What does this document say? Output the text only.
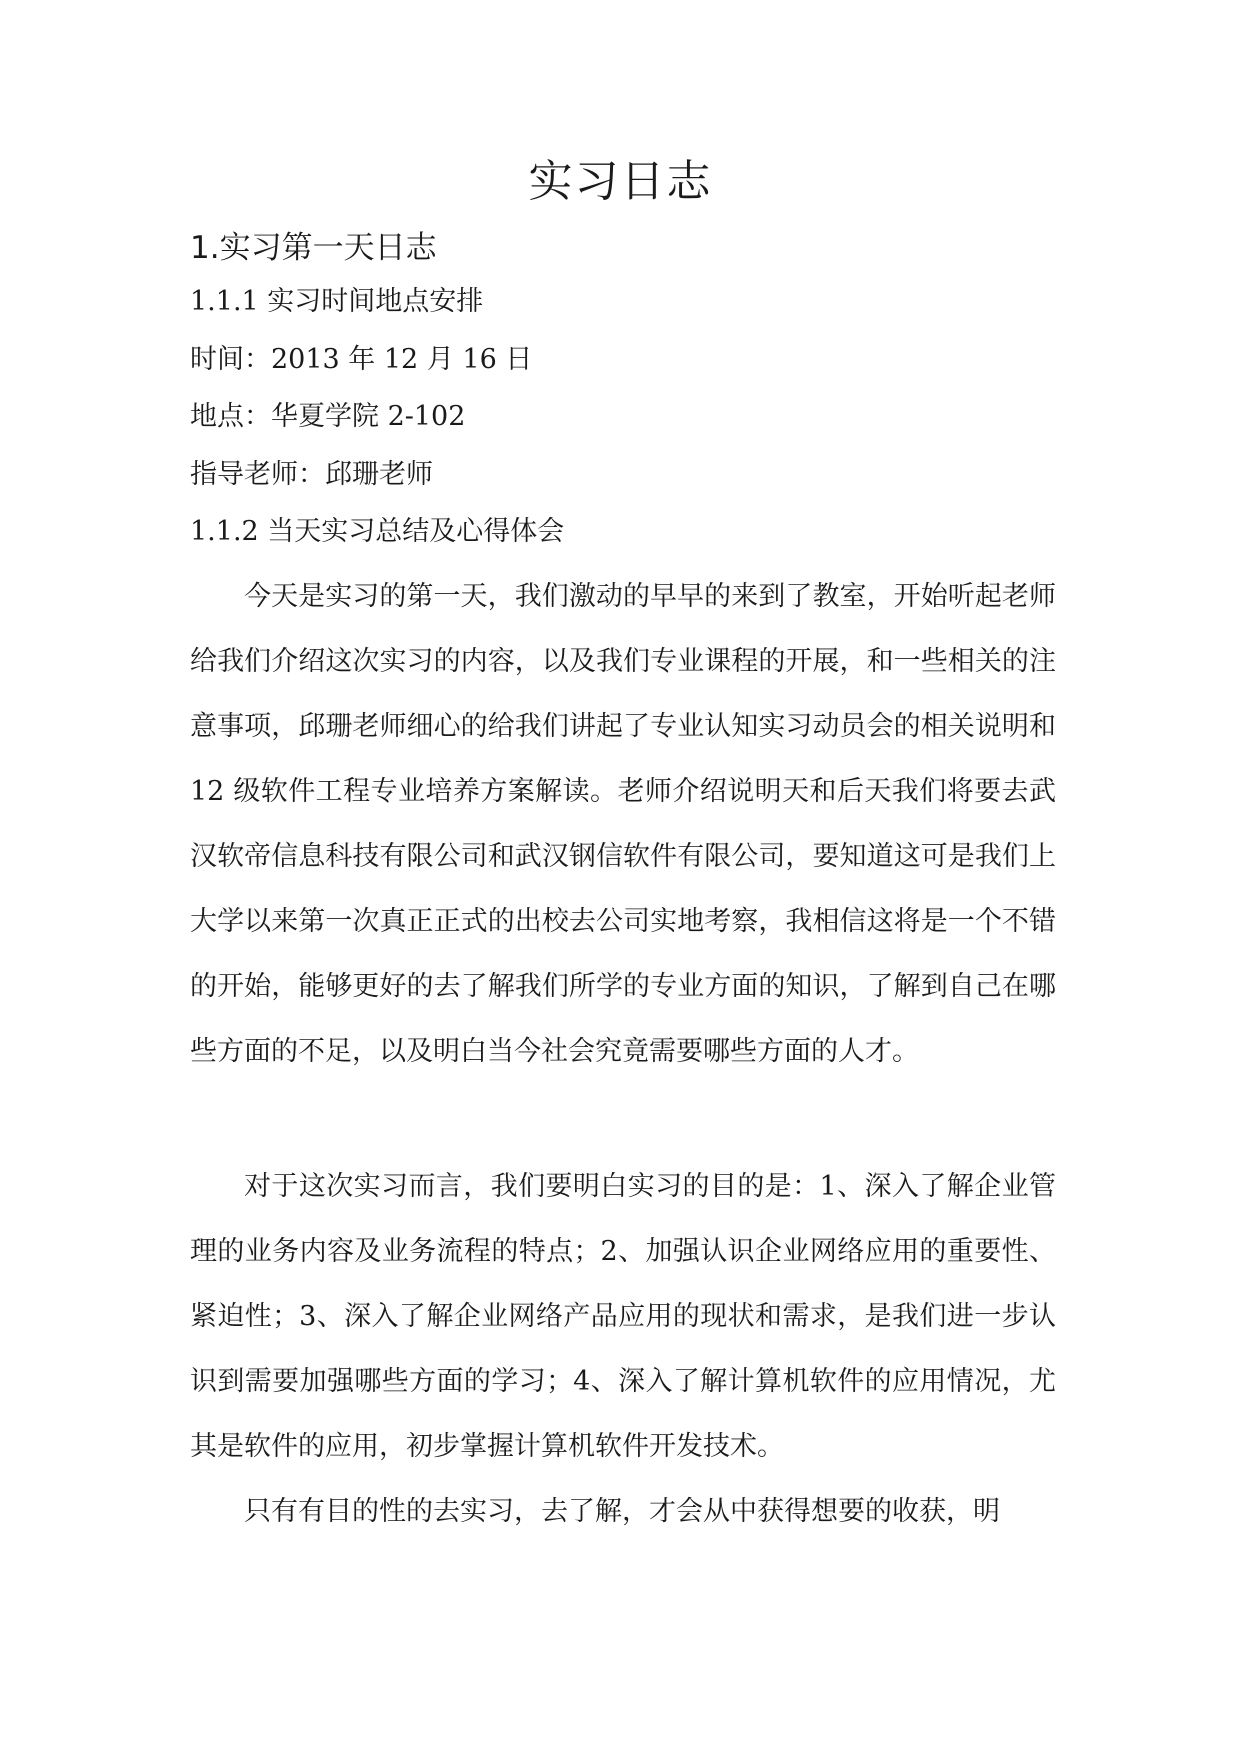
实习日志
1.实习第一天日志

1.1.1 实习时间地点安排

时间：2013 年 12 月 16 日

地点：华夏学院 2-102

指导老师：邱珊老师

1.1.2 当天实习总结及心得体会

今天是实习的第一天，我们激动的早早的来到了教室，开始听起老师给我们介绍这次实习的内容，以及我们专业课程的开展，和一些相关的注意事项，邱珊老师细心的给我们讲起了专业认知实习动员会的相关说明和 12 级软件工程专业培养方案解读。老师介绍说明天和后天我们将要去武汉软帝信息科技有限公司和武汉钢信软件有限公司，要知道这可是我们上大学以来第一次真正正式的出校去公司实地考察，我相信这将是一个不错的开始，能够更好的去了解我们所学的专业方面的知识，了解到自己在哪些方面的不足，以及明白当今社会究竟需要哪些方面的人才。

对于这次实习而言，我们要明白实习的目的是：1、深入了解企业管理的业务内容及业务流程的特点；2、加强认识企业网络应用的重要性、紧迫性；3、深入了解企业网络产品应用的现状和需求，是我们进一步认识到需要加强哪些方面的学习；4、深入了解计算机软件的应用情况，尤其是软件的应用，初步掌握计算机软件开发技术。

只有有目的性的去实习，去了解，才会从中获得想要的收获，明
